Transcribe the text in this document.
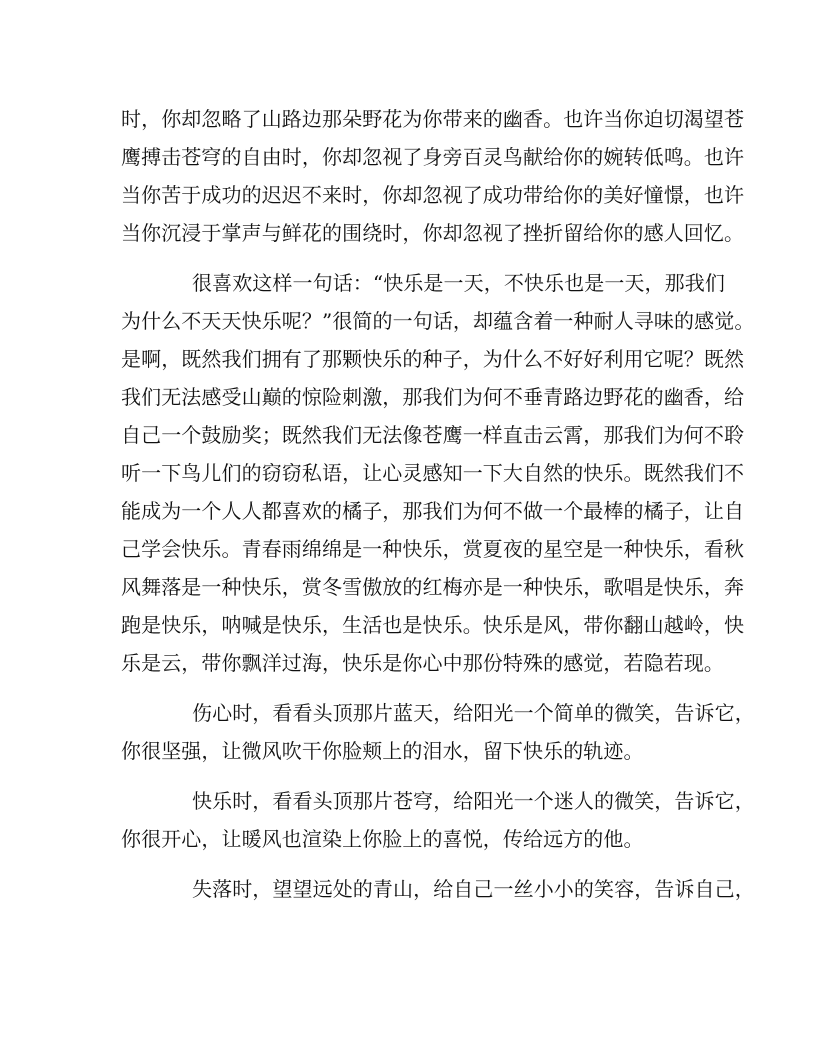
时，你却忽略了山路边那朵野花为你带来的幽香。也许当你迫切渴望苍
鹰搏击苍穹的自由时，你却忽视了身旁百灵鸟献给你的婉转低鸣。也许
当你苦于成功的迟迟不来时，你却忽视了成功带给你的美好憧憬，也许
当你沉浸于掌声与鲜花的围绕时，你却忽视了挫折留给你的感人回忆。
很喜欢这样一句话：“快乐是一天，不快乐也是一天，那我们
为什么不天天快乐呢？”很简的一句话，却蕴含着一种耐人寻味的感觉。
是啊，既然我们拥有了那颗快乐的种子，为什么不好好利用它呢？既然
我们无法感受山巅的惊险刺激，那我们为何不垂青路边野花的幽香，给
自己一个鼓励奖；既然我们无法像苍鹰一样直击云霄，那我们为何不聆
听一下鸟儿们的窃窃私语，让心灵感知一下大自然的快乐。既然我们不
能成为一个人人都喜欢的橘子，那我们为何不做一个最棒的橘子，让自
己学会快乐。青春雨绵绵是一种快乐，赏夏夜的星空是一种快乐，看秋
风舞落是一种快乐，赏冬雪傲放的红梅亦是一种快乐，歌唱是快乐，奔
跑是快乐，呐喊是快乐，生活也是快乐。快乐是风，带你翻山越岭，快
乐是云，带你飘洋过海，快乐是你心中那份特殊的感觉，若隐若现。
伤心时，看看头顶那片蓝天，给阳光一个简单的微笑，告诉它，
你很坚强，让微风吹干你脸颊上的泪水，留下快乐的轨迹。
快乐时，看看头顶那片苍穹，给阳光一个迷人的微笑，告诉它，
你很开心，让暖风也渲染上你脸上的喜悦，传给远方的他。
失落时，望望远处的青山，给自己一丝小小的笑容，告诉自己，
